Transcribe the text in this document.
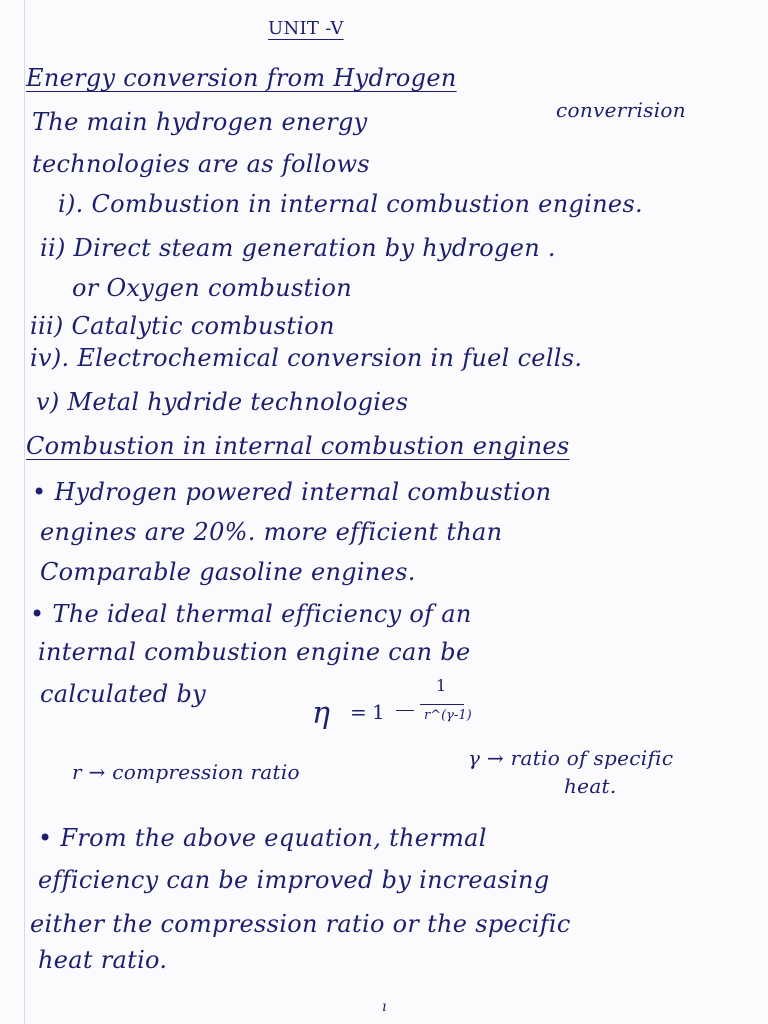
UNIT -V
Energy conversion from Hydrogen
The main hydrogen energy	converrision
technologies are as follows
i). Combustion in internal combustion engines.
ii) Direct steam generation by hydrogen .
or Oxygen combustion
iii) Catalytic combustion
iv). Electrochemical conversion in fuel cells.
v) Metal hydride technologies
Combustion in internal combustion engines
• Hydrogen powered internal combustion
engines are 20%. more efficient than
Comparable gasoline engines.
• The ideal thermal efficiency of an
internal combustion engine can be
calculated by
η = 1
1
r^(γ-1)
r → compression ratio
γ → ratio of specific
heat.
• From the above equation, thermal
efficiency can be improved by increasing
either the compression ratio or the specific
heat ratio.
ı
